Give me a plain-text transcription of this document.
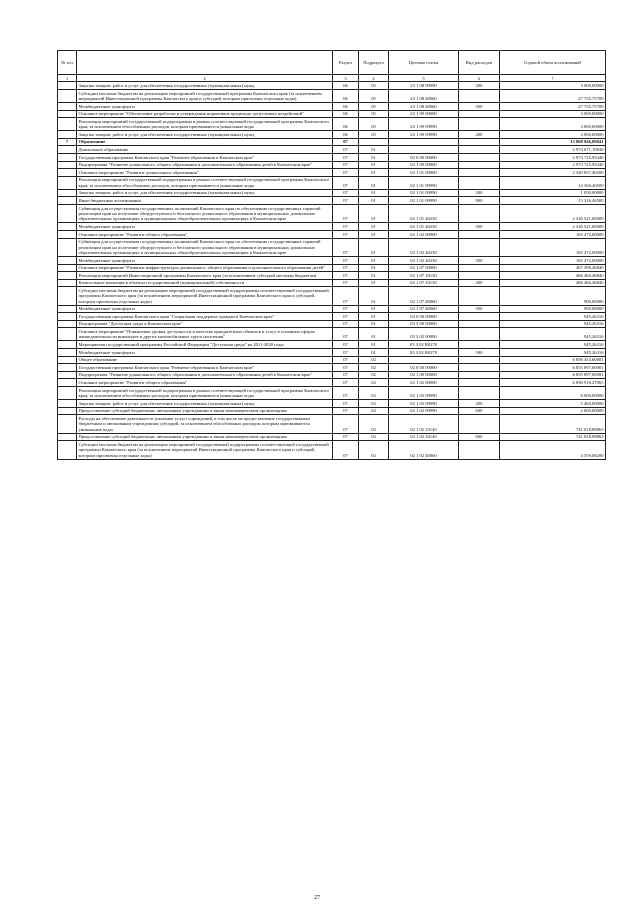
№ п/п		Раздел	Подраздел	Целевая статья	Вид расходов	Годовой объем ассигнований
1	2	3	4	5	6	7
	Закупка товаров, работ и услуг для обеспечения государственных (муниципальных) нужд	06	05	23 1 08 09990	200	3 000,00000
	Субсидии местным бюджетам на реализацию мероприятий государственной программы Камчатского края (за исключением мероприятий Инвестиционной программы Камчатского края и субсидий, которым присвоены отдельные коды)	06	05	23 1 08 40060		27 735,75700
	Межбюджетные трансферты	06	05	23 1 08 40060	500	27 735,75700
	Основное мероприятие "Обеспечение разработки и утверждения нормативов предельно-допустимых воздействий"	06	05	23 1 09 00000		3 000,00000
	Реализация мероприятий государственной подпрограммы в рамках соответствующей государственной программы Камчатского края, за исключением обособленных расходов, которым присваиваются уникальные коды	06	05	23 1 09 09990		3 000,00000
	Закупка товаров, работ и услуг для обеспечения государственных (муниципальных) нужд	06	05	23 1 09 09990	200	3 000,00000
7	Образование	07				13 868 946,09041
	Дошкольное образование	07	01			2 974 671,19636
	Государственная программа Камчатского края "Развитие образования в Камчатском крае"	07	01	02 0 00 00000		2 973 725,93340
	Подпрограмма "Развитие дошкольного, общего образования и дополнительного образования детей в Камчатском крае"	07	01	02 1 00 00000		2 973 725,93340
	Основное мероприятие "Развитие дошкольного образования"	07	01	02 1 01 00000		2 340 857,46500
	Реализация мероприятий государственной подпрограммы в рамках соответствующей государственной программы Камчатского края, за исключением обособленных расходов, которым присваиваются уникальные коды	07	01	02 1 01 09990		14 366,46500
	Закупка товаров, работ и услуг для обеспечения государственных (муниципальных) нужд	07	01	02 1 01 09990	200	1 050,00000
	Иные бюджетные ассигнования	07	01	02 1 01 09990	800	13 316,46500
	Субвенции для осуществления государственных полномочий Камчатского края по обеспечению государственных гарантий реализации прав на получение общедоступного и бесплатного дошкольного образования в муниципальных дошкольных образовательных организациях и муниципальных общеобразовательных организациях в Камчатском крае	07	01	02 1 01 40230		2 326 521,00000
	Межбюджетные трансферты	07	01	02 1 01 40230	500	2 326 521,00000
	Основное мероприятие "Развитие общего образования"	07	01	02 1 02 00000		165 472,00000
	Субвенции для осуществления государственных полномочий Камчатского края по обеспечению государственных гарантий реализации прав на получение общедоступного и бесплатного дошкольного образования в муниципальных дошкольных образовательных организациях и муниципальных общеобразовательных организациях в Камчатском крае	07	01	02 1 02 40230		165 472,00000
	Межбюджетные трансферты	07	01	02 1 02 40230	500	165 472,00000
	Основное мероприятие "Развитие инфраструктуры дошкольного, общего образования и дополнительного образования детей"	07	01	02 1 07 00000		467 396,46840
	Реализация мероприятий Инвестиционной программы Камчатского края (за исключением субсидий местным бюджетам)	07	01	02 1 07 10130		466 466,46840
	Капитальные вложения в объекты государственной (муниципальной) собственности	07	01	02 1 07 10130	400	466 466,46840
	Субсидии местным бюджетам на реализацию мероприятий государственной подпрограммы соответствующей государственной программы Камчатского края (за исключением мероприятий Инвестиционной программы Камчатского края и субсидий, которым присвоены отдельные коды)	07	01	02 1 07 40060		900,00000
	Межбюджетные трансферты	07	01	02 1 07 40060	500	900,00000
	Государственная программа Камчатского края "Социальная поддержка граждан в Камчатском крае"	07	01	03 0 00 00000		945,26316
	Подпрограмма "Доступная среда в Камчатском крае"	07	01	03 3 00 00000		945,26316
	Основное мероприятие "Повышение уровня доступности и качества приоритетных объектов и услуг в основных сферах жизнедеятельности инвалидов и других маломобильных групп населения"	07	01	03 3 02 00000		945,26316
	Мероприятия государственной программы Российской Федерации "Доступная среда" на 2011-2020 годы	07	01	03 3 02 R0270		945,26316
	Межбюджетные трансферты	07	01	03 3 02 R0270	500	945,26316
	Общее образование	07	02			6 856 453,60081
	Государственная программа Камчатского края "Развитие образования в Камчатском крае"	07	02	02 0 00 00000		6 855 897,60081
	Подпрограмма "Развитие дошкольного, общего образования и дополнительного образования детей в Камчатском крае"	07	02	02 1 00 00000		6 855 897,60081
	Основное мероприятие "Развитие общего образования"	07	02	02 1 02 00000		6 090 916,27065
	Реализация мероприятий государственной подпрограммы в рамках соответствующей государственной программы Камчатского края, за исключением обособленных расходов, которым присваиваются уникальные коды	07	02	02 1 02 09990		8 000,00000
	Закупка товаров, работ и услуг для обеспечения государственных (муниципальных) нужд	07	02	02 1 02 09990	200	5 400,00000
	Предоставление субсидий бюджетным, автономным учреждениям и иным некоммерческим организациям	07	02	02 1 02 09990	600	2 600,00000
	Расходы на обеспечение деятельности (оказание услуг) учреждений, в том числе на предоставление государственным бюджетным и автономным учреждениям субсидий, за исключением обособленных расходов, которым присваиваются уникальные коды	07	02	02 1 02 10140		741 018,88863
	Предоставление субсидий бюджетным, автономным учреждениям и иным некоммерческим организациям	07	02	02 1 02 10140	600	741 018,88863
	Субсидии местным бюджетам на реализацию мероприятий государственной подпрограммы соответствующей государственной программы Камчатского края (за исключением мероприятий Инвестиционной программы Камчатского края и субсидий, которым присвоены отдельные коды)	07	02	02 1 02 40060		4 559,08200
27
